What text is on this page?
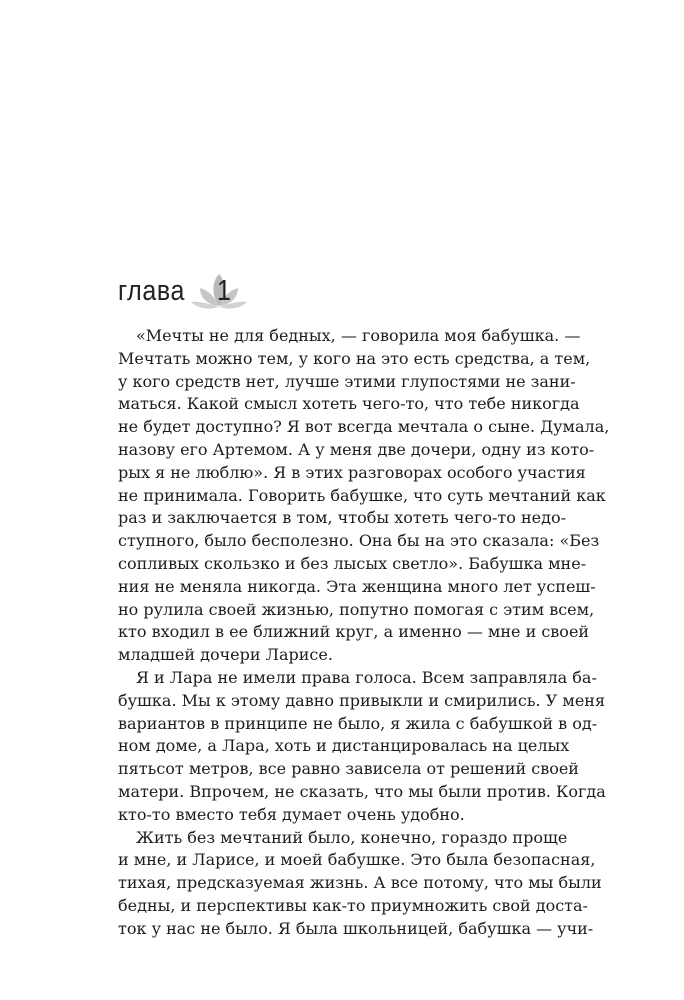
глава 1
«Мечты не для бедных, — говорила моя бабушка. —
Мечтать можно тем, у кого на это есть средства, а тем,
у кого средств нет, лучше этими глупостями не зани-
маться. Какой смысл хотеть чего-то, что тебе никогда
не будет доступно? Я вот всегда мечтала о сыне. Думала,
назову его Артемом. А у меня две дочери, одну из кото-
рых я не люблю». Я в этих разговорах особого участия
не принимала. Говорить бабушке, что суть мечтаний как
раз и заключается в том, чтобы хотеть чего-то недо-
ступного, было бесполезно. Она бы на это сказала: «Без
сопливых скользко и без лысых светло». Бабушка мне-
ния не меняла никогда. Эта женщина много лет успеш-
но рулила своей жизнью, попутно помогая с этим всем,
кто входил в ее ближний круг, а именно — мне и своей
младшей дочери Ларисе.
Я и Лара не имели права голоса. Всем заправляла ба-
бушка. Мы к этому давно привыкли и смирились. У меня
вариантов в принципе не было, я жила с бабушкой в од-
ном доме, а Лара, хоть и дистанцировалась на целых
пятьсот метров, все равно зависела от решений своей
матери. Впрочем, не сказать, что мы были против. Когда
кто-то вместо тебя думает очень удобно.
Жить без мечтаний было, конечно, гораздо проще
и мне, и Ларисе, и моей бабушке. Это была безопасная,
тихая, предсказуемая жизнь. А все потому, что мы были
бедны, и перспективы как-то приумножить свой доста-
ток у нас не было. Я была школьницей, бабушка — учи-
